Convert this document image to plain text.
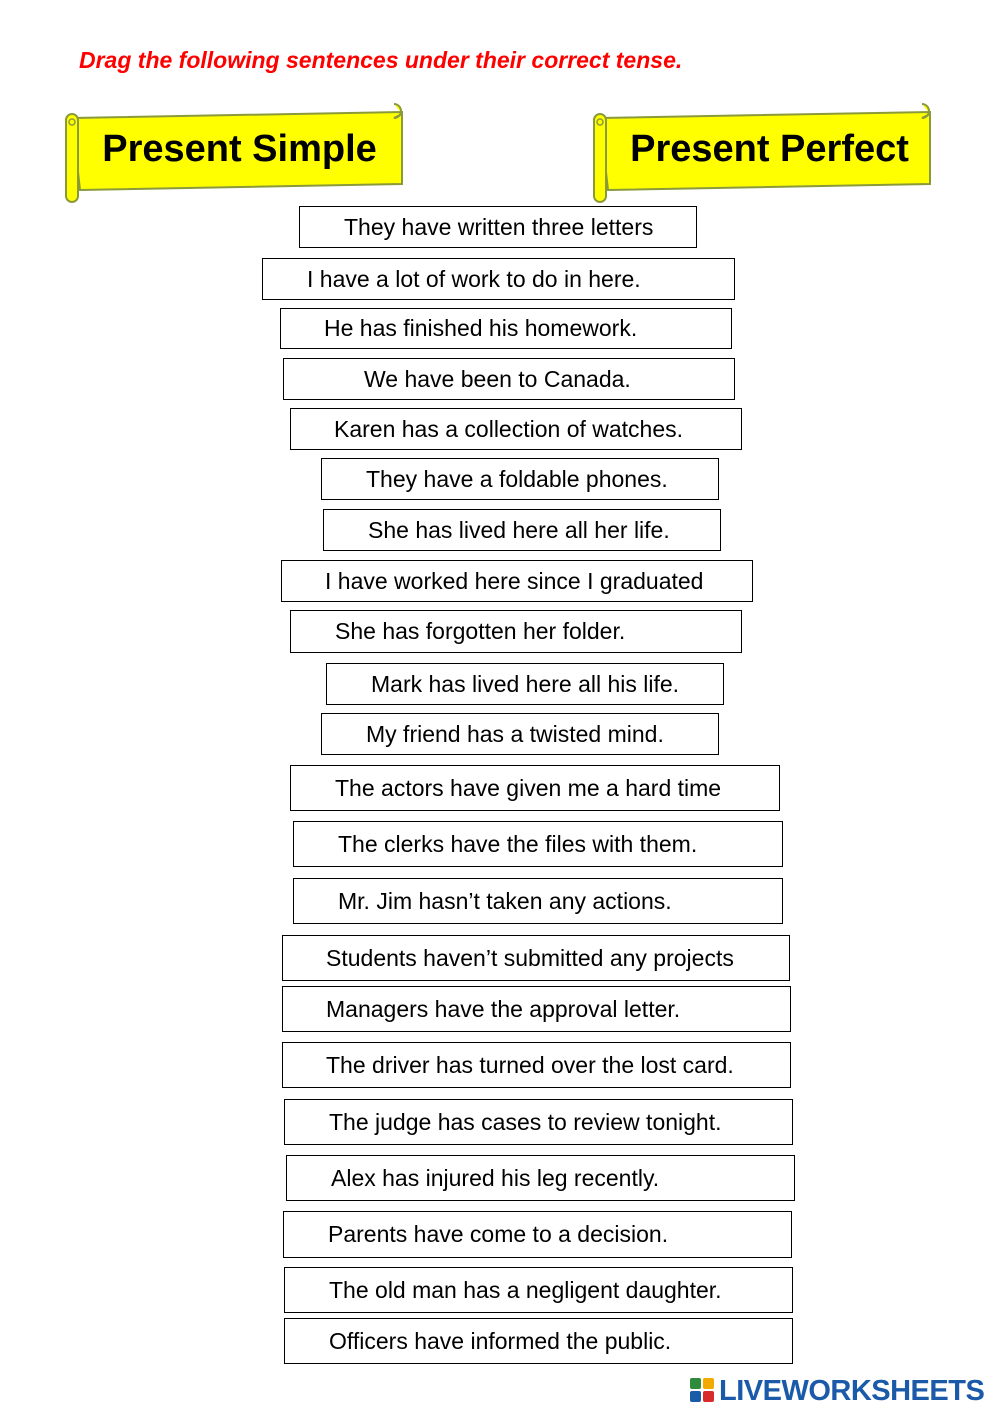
Drag the following sentences under their correct tense.
Present Simple	Present Perfect
They have written three letters
I have a lot of work to do in here.
He has finished his homework.
We have been to Canada.
Karen has a collection of watches.
They have a foldable phones.
She has lived here all her life.
I have worked here since I graduated
She has forgotten her folder.
Mark has lived here all his life.
My friend has a twisted mind.
The actors have given me a hard time
The clerks have the files with them.
Mr. Jim hasn’t taken any actions.
Students haven’t submitted any projects
Managers have the approval letter.
The driver has turned over the lost card.
The judge has cases to review tonight.
Alex has injured his leg recently.
Parents have come to a decision.
The old man has a negligent daughter.
Officers have informed the public.
LIVEWORKSHEETS
